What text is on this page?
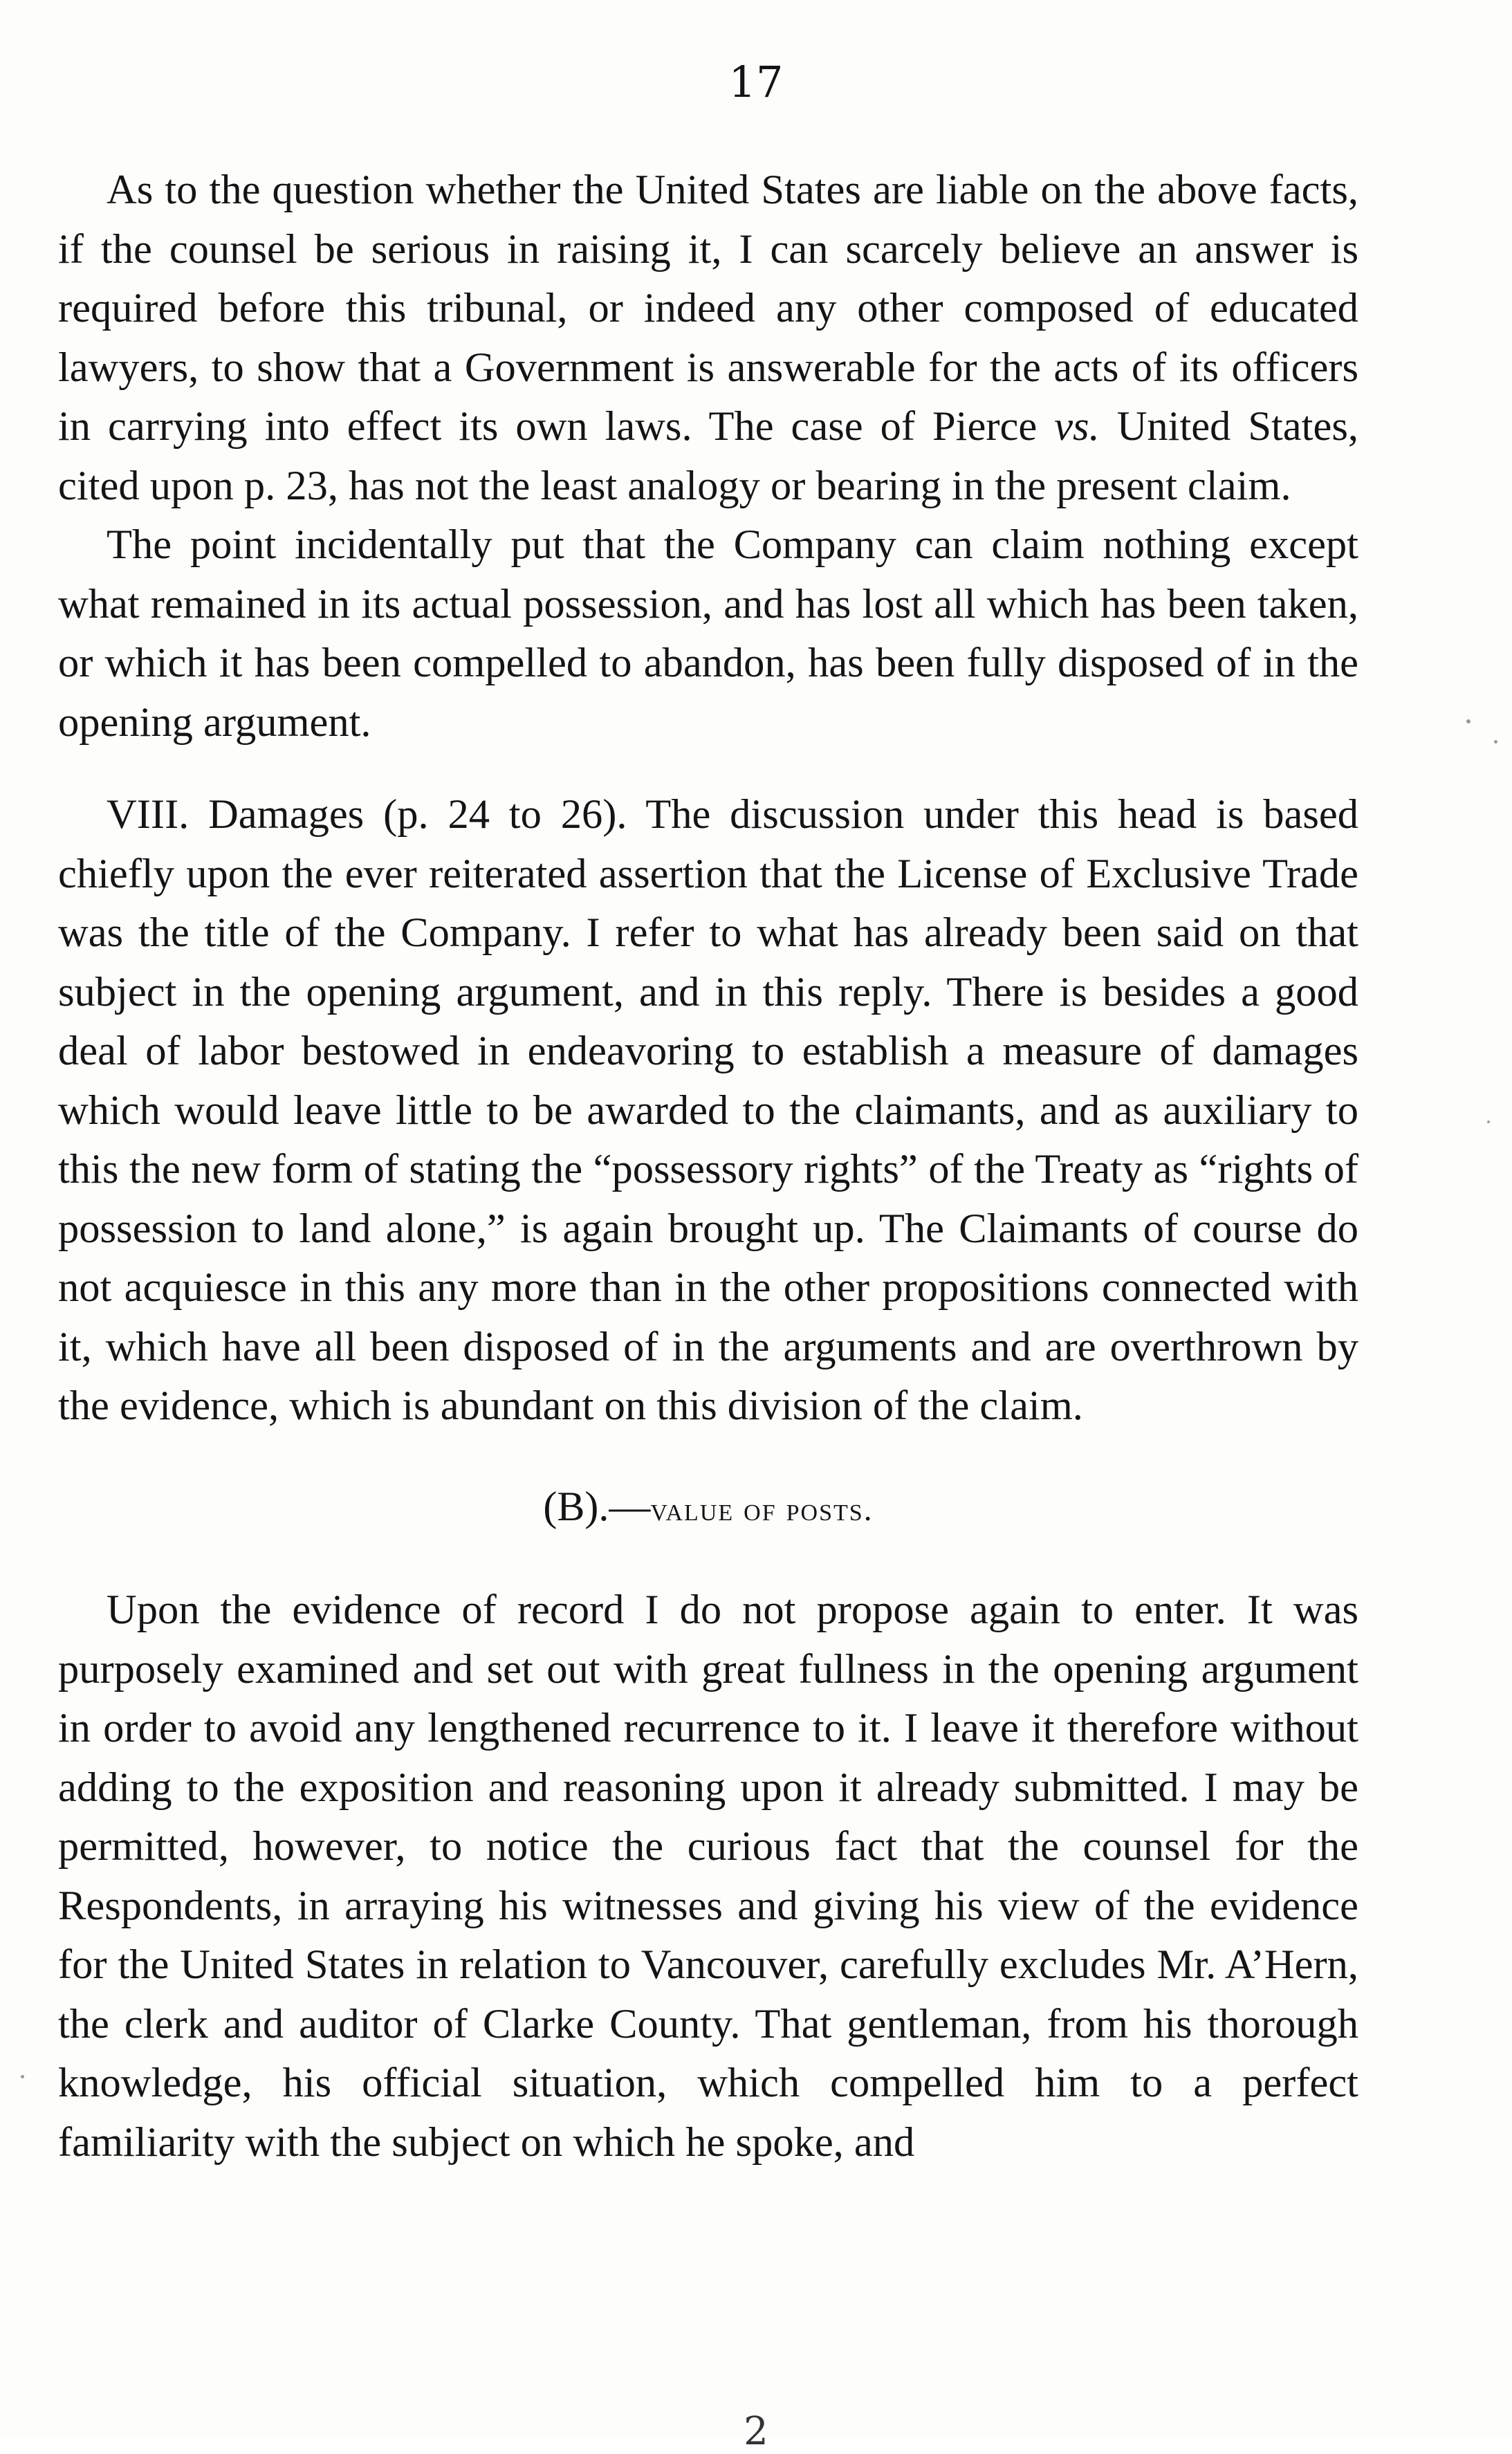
17

As to the question whether the United States are liable on the above facts, if the counsel be serious in raising it, I can scarcely believe an answer is required before this tribunal, or indeed any other composed of educated lawyers, to show that a Government is answerable for the acts of its officers in carrying into effect its own laws. The case of Pierce vs. United States, cited upon p. 23, has not the least analogy or bearing in the present claim.

The point incidentally put that the Company can claim nothing except what remained in its actual possession, and has lost all which has been taken, or which it has been compelled to abandon, has been fully disposed of in the opening argument.

VIII. Damages (p. 24 to 26). The discussion under this head is based chiefly upon the ever reiterated assertion that the License of Exclusive Trade was the title of the Company. I refer to what has already been said on that subject in the opening argument, and in this reply. There is besides a good deal of labor bestowed in endeavoring to establish a measure of damages which would leave little to be awarded to the claimants, and as auxiliary to this the new form of stating the “possessory rights” of the Treaty as “rights of possession to land alone,” is again brought up. The Claimants of course do not acquiesce in this any more than in the other propositions connected with it, which have all been disposed of in the arguments and are overthrown by the evidence, which is abundant on this division of the claim.

(B).—value of posts.

Upon the evidence of record I do not propose again to enter. It was purposely examined and set out with great fullness in the opening argument in order to avoid any lengthened recurrence to it. I leave it therefore without adding to the exposition and reasoning upon it already submitted. I may be permitted, however, to notice the curious fact that the counsel for the Respondents, in arraying his witnesses and giving his view of the evidence for the United States in relation to Vancouver, carefully excludes Mr. A’Hern, the clerk and auditor of Clarke County. That gentleman, from his thorough knowledge, his official situation, which compelled him to a perfect familiarity with the subject on which he spoke, and

2
